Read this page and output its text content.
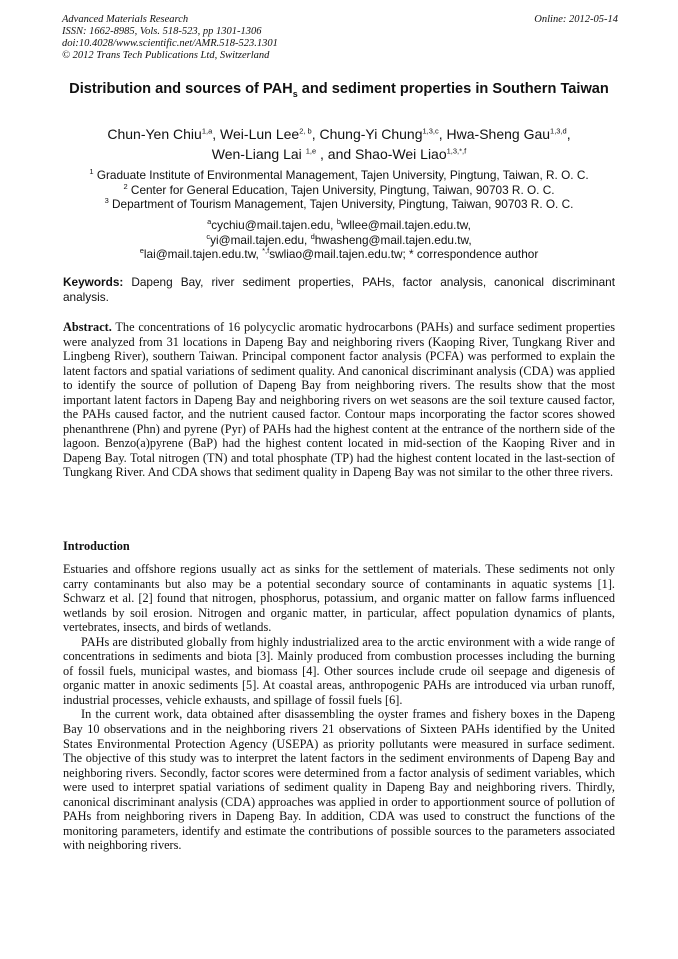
Advanced Materials Research
ISSN: 1662-8985, Vols. 518-523, pp 1301-1306
doi:10.4028/www.scientific.net/AMR.518-523.1301
© 2012 Trans Tech Publications Ltd, Switzerland
Online: 2012-05-14
Distribution and sources of $PAH_s$ and sediment properties in Southern Taiwan
Chun-Yen Chiu$^{1,a}$, Wei-Lun Lee$^{2, b}$, Chung-Yi Chung$^{1,3,c}$, Hwa-Sheng Gau$^{1,3,d}$,
Wen-Liang Lai $^{1,e}$ , and Shao-Wei Liao$^{1,3,*,f}$
$^1$ Graduate Institute of Environmental Management, Tajen University, Pingtung, Taiwan, R. O. C.
$^2$ Center for General Education, Tajen University, Pingtung, Taiwan, 90703 R. O. C.
$^3$ Department of Tourism Management, Tajen University, Pingtung, Taiwan, 90703 R. O. C.
$^a$cychiu@mail.tajen.edu, $^b$wllee@mail.tajen.edu.tw,
$^c$yi@mail.tajen.edu, $^d$hwasheng@mail.tajen.edu.tw,
$^e$lai@mail.tajen.edu.tw, $^{*,f}$swliao@mail.tajen.edu.tw; * correspondence author
Keywords: Dapeng Bay, river sediment properties, PAHs, factor analysis, canonical discriminant analysis.
Abstract. The concentrations of 16 polycyclic aromatic hydrocarbons (PAHs) and surface sediment properties were analyzed from 31 locations in Dapeng Bay and neighboring rivers (Kaoping River, Tungkang River and Lingbeng River), southern Taiwan. Principal component factor analysis (PCFA) was performed to explain the latent factors and spatial variations of sediment quality. And canonical discriminant analysis (CDA) was applied to identify the source of pollution of Dapeng Bay from neighboring rivers. The results show that the most important latent factors in Dapeng Bay and neighboring rivers on wet seasons are the soil texture caused factor, the PAHs caused factor, and the nutrient caused factor. Contour maps incorporating the factor scores showed phenanthrene (Phn) and pyrene (Pyr) of PAHs had the highest content at the entrance of the northern side of the lagoon. Benzo(a)pyrene (BaP) had the highest content located in mid-section of the Kaoping River and in Dapeng Bay. Total nitrogen (TN) and total phosphate (TP) had the highest content located in the last-section of Tungkang River. And CDA shows that sediment quality in Dapeng Bay was not similar to the other three rivers.
Introduction

Estuaries and offshore regions usually act as sinks for the settlement of materials. These sediments not only carry contaminants but also may be a potential secondary source of contaminants in aquatic systems [1]. Schwarz et al. [2] found that nitrogen, phosphorus, potassium, and organic matter on fallow farms influenced wetlands by soil erosion. Nitrogen and organic matter, in particular, affect population dynamics of plants, vertebrates, insects, and birds of wetlands.

PAHs are distributed globally from highly industrialized area to the arctic environment with a wide range of concentrations in sediments and biota [3]. Mainly produced from combustion processes including the burning of fossil fuels, municipal wastes, and biomass [4]. Other sources include crude oil seepage and digenesis of organic matter in anoxic sediments [5]. At coastal areas, anthropogenic PAHs are introduced via urban runoff, industrial processes, vehicle exhausts, and spillage of fossil fuels [6].

In the current work, data obtained after disassembling the oyster frames and fishery boxes in the Dapeng Bay 10 observations and in the neighboring rivers 21 observations of Sixteen PAHs identified by the United States Environmental Protection Agency (USEPA) as priority pollutants were measured in surface sediment. The objective of this study was to interpret the latent factors in the sediment environments of Dapeng Bay and neighboring rivers. Secondly, factor scores were determined from a factor analysis of sediment variables, which were used to interpret spatial variations of sediment quality in Dapeng Bay and neighboring rivers. Thirdly, canonical discriminant analysis (CDA) approaches was applied in order to apportionment source of pollution of PAHs from neighboring rivers in Dapeng Bay. In addition, CDA was used to construct the functions of the monitoring parameters, identify and estimate the contributions of possible sources to the parameters associated with neighboring rivers.
